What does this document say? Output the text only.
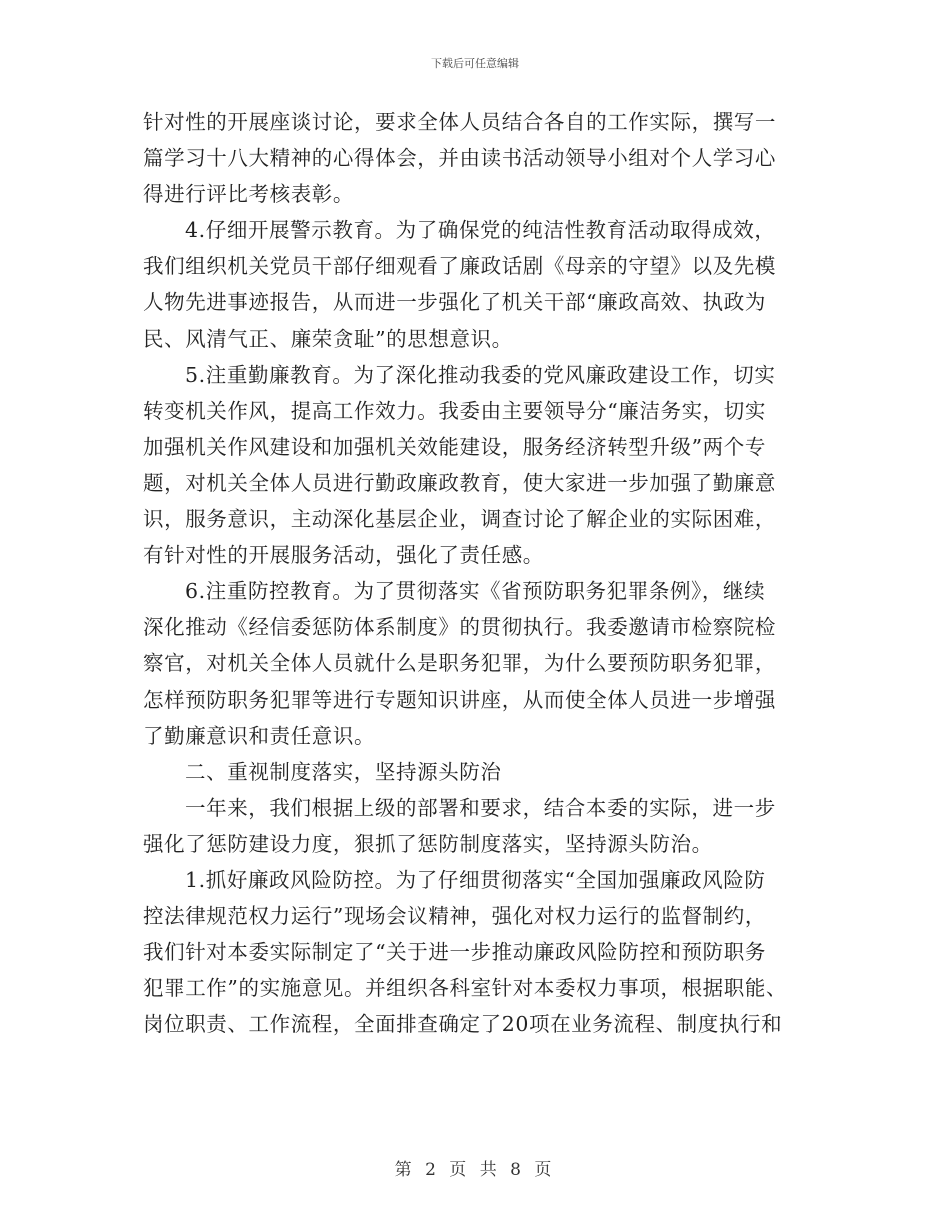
下载后可任意编辑
针对性的开展座谈讨论，要求全体人员结合各自的工作实际，撰写一
篇学习十八大精神的心得体会，并由读书活动领导小组对个人学习心
得进行评比考核表彰。
4.仔细开展警示教育。为了确保党的纯洁性教育活动取得成效，
我们组织机关党员干部仔细观看了廉政话剧《母亲的守望》以及先模
人物先进事迹报告，从而进一步强化了机关干部“廉政高效、执政为
民、风清气正、廉荣贪耻”的思想意识。
5.注重勤廉教育。为了深化推动我委的党风廉政建设工作，切实
转变机关作风，提高工作效力。我委由主要领导分“廉洁务实，切实
加强机关作风建设和加强机关效能建设，服务经济转型升级”两个专
题，对机关全体人员进行勤政廉政教育，使大家进一步加强了勤廉意
识，服务意识，主动深化基层企业，调查讨论了解企业的实际困难，
有针对性的开展服务活动，强化了责任感。
6.注重防控教育。为了贯彻落实《省预防职务犯罪条例》，继续
深化推动《经信委惩防体系制度》的贯彻执行。我委邀请市检察院检
察官，对机关全体人员就什么是职务犯罪，为什么要预防职务犯罪，
怎样预防职务犯罪等进行专题知识讲座，从而使全体人员进一步增强
了勤廉意识和责任意识。
二、重视制度落实，坚持源头防治
一年来，我们根据上级的部署和要求，结合本委的实际，进一步
强化了惩防建设力度，狠抓了惩防制度落实，坚持源头防治。
1.抓好廉政风险防控。为了仔细贯彻落实“全国加强廉政风险防
控法律规范权力运行”现场会议精神，强化对权力运行的监督制约，
我们针对本委实际制定了“关于进一步推动廉政风险防控和预防职务
犯罪工作”的实施意见。并组织各科室针对本委权力事项，根据职能、
岗位职责、工作流程，全面排查确定了20项在业务流程、制度执行和
第 2 页 共 8 页
